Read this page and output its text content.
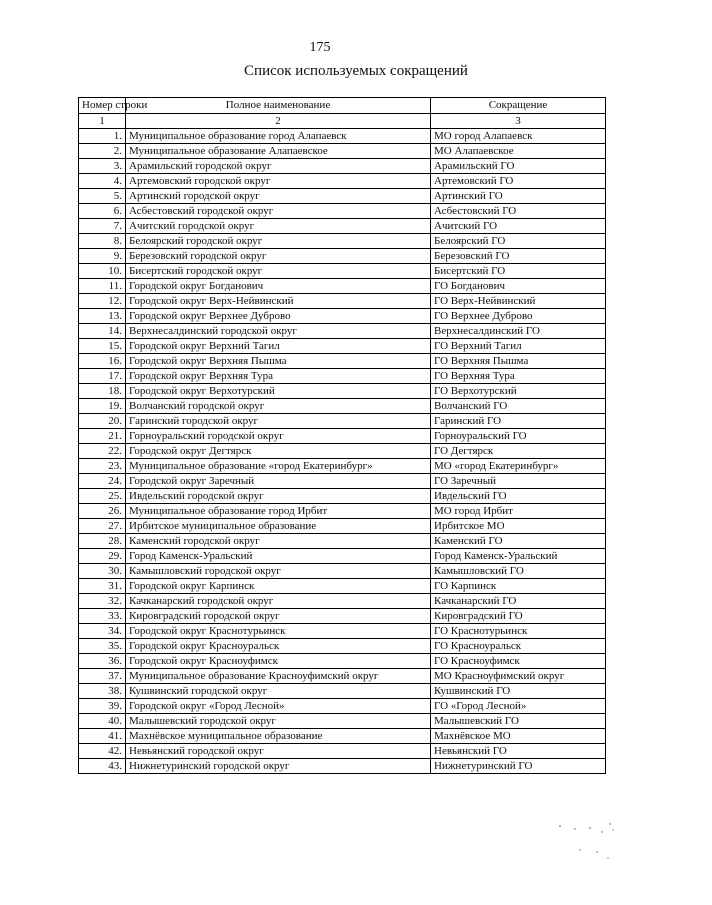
175
Список используемых сокращений
Номер строки	Полное наименование	Сокращение
1	2	3
1.	Муниципальное образование город Алапаевск	МО город Алапаевск
2.	Муниципальное образование Алапаевское	МО Алапаевское
3.	Арамильский городской округ	Арамильский ГО
4.	Артемовский городской округ	Артемовский ГО
5.	Артинский городской округ	Артинский ГО
6.	Асбестовский городской округ	Асбестовский ГО
7.	Ачитский городской округ	Ачитский ГО
8.	Белоярский городской округ	Белоярский ГО
9.	Березовский городской округ	Березовский ГО
10.	Бисертский городской округ	Бисертский ГО
11.	Городской округ Богданович	ГО Богданович
12.	Городской округ Верх-Нейвинский	ГО Верх-Нейвинский
13.	Городской округ Верхнее Дуброво	ГО Верхнее Дуброво
14.	Верхнесалдинский городской округ	Верхнесалдинский ГО
15.	Городской округ Верхний Тагил	ГО Верхний Тагил
16.	Городской округ Верхняя Пышма	ГО Верхняя Пышма
17.	Городской округ Верхняя Тура	ГО Верхняя Тура
18.	Городской округ Верхотурский	ГО Верхотурский
19.	Волчанский городской округ	Волчанский ГО
20.	Гаринский городской округ	Гаринский ГО
21.	Горноуральский городской округ	Горноуральский ГО
22.	Городской округ Дегтярск	ГО Дегтярск
23.	Муниципальное образование «город Екатеринбург»	МО «город Екатеринбург»
24.	Городской округ Заречный	ГО Заречный
25.	Ивдельский городской округ	Ивдельский ГО
26.	Муниципальное образование город Ирбит	МО город Ирбит
27.	Ирбитское муниципальное образование	Ирбитское МО
28.	Каменский городской округ	Каменский ГО
29.	Город Каменск-Уральский	Город Каменск-Уральский
30.	Камышловский городской округ	Камышловский ГО
31.	Городской округ Карпинск	ГО Карпинск
32.	Качканарский городской округ	Качканарский ГО
33.	Кировградский городской округ	Кировградский ГО
34.	Городской округ Краснотурьинск	ГО Краснотурьинск
35.	Городской округ Красноуральск	ГО Красноуральск
36.	Городской округ Красноуфимск	ГО Красноуфимск
37.	Муниципальное образование Красноуфимский округ	МО Красноуфимский округ
38.	Кушвинский городской округ	Кушвинский ГО
39.	Городской округ «Город Лесной»	ГО «Город Лесной»
40.	Малышевский городской округ	Малышевский ГО
41.	Махнёвское муниципальное образование	Махнёвское МО
42.	Невьянский городской округ	Невьянский ГО
43.	Нижнетуринский городской округ	Нижнетуринский ГО
